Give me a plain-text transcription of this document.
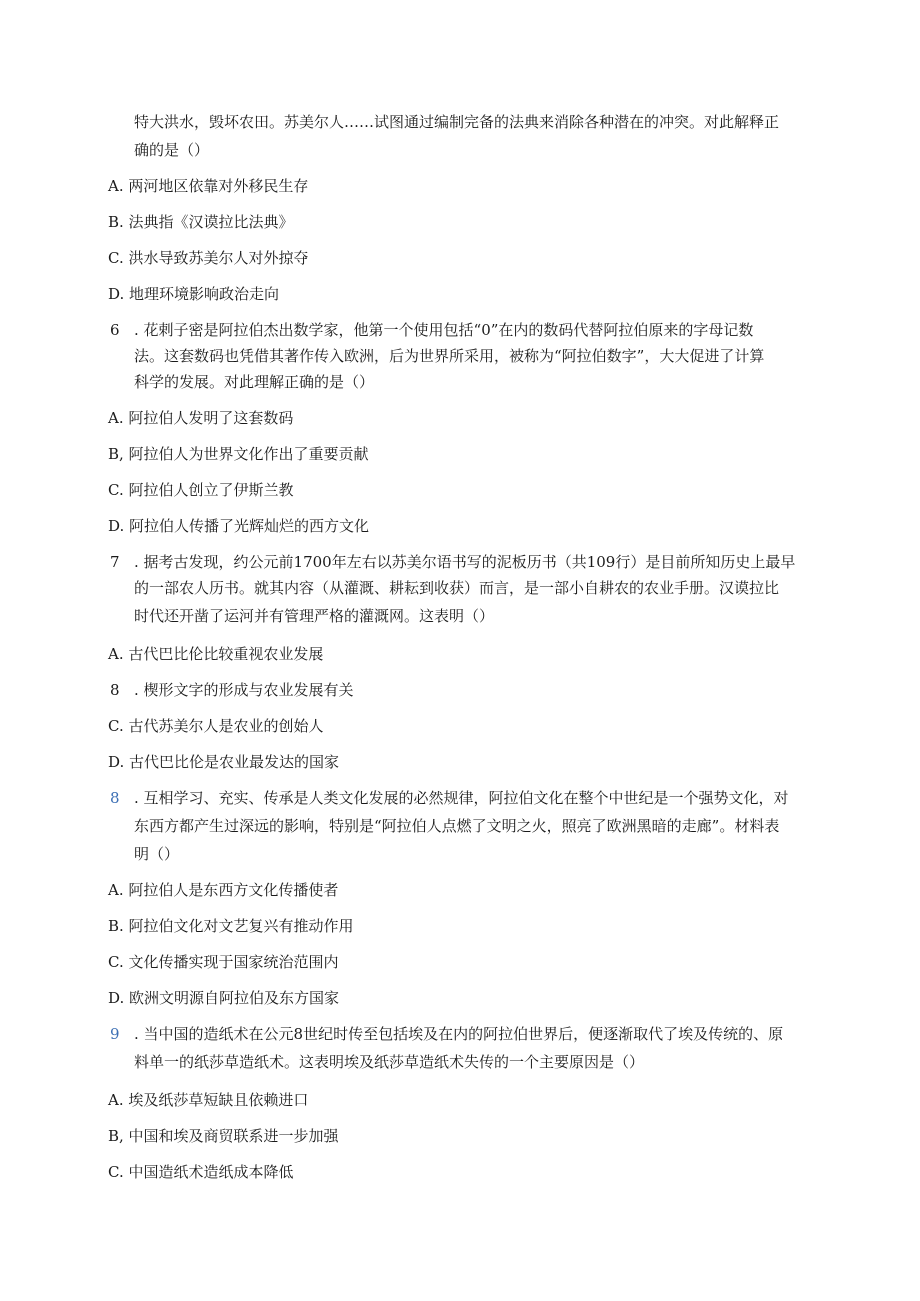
特大洪水，毁坏农田。苏美尔人……试图通过编制完备的法典来消除各种潜在的冲突。对此解释正
确的是（）
A. 两河地区依靠对外移民生存
B. 法典指《汉谟拉比法典》
C. 洪水导致苏美尔人对外掠夺
D. 地理环境影响政治走向
6 . 花剌子密是阿拉伯杰出数学家，他第一个使用包括“0”在内的数码代替阿拉伯原来的字母记数
法。这套数码也凭借其著作传入欧洲，后为世界所采用，被称为“阿拉伯数字”，大大促进了计算
科学的发展。对此理解正确的是（）
A. 阿拉伯人发明了这套数码
B, 阿拉伯人为世界文化作出了重要贡献
C. 阿拉伯人创立了伊斯兰教
D. 阿拉伯人传播了光辉灿烂的西方文化
7 . 据考古发现，约公元前1700年左右以苏美尔语书写的泥板历书（共109行）是目前所知历史上最早
的一部农人历书。就其内容（从灌溉、耕耘到收获）而言，是一部小自耕农的农业手册。汉谟拉比
时代还开凿了运河并有管理严格的灌溉网。这表明（）
A. 古代巴比伦比较重视农业发展
8 . 楔形文字的形成与农业发展有关
C. 古代苏美尔人是农业的创始人
D. 古代巴比伦是农业最发达的国家
8 . 互相学习、充实、传承是人类文化发展的必然规律，阿拉伯文化在整个中世纪是一个强势文化，对
东西方都产生过深远的影响，特别是“阿拉伯人点燃了文明之火，照亮了欧洲黑暗的走廊”。材料表
明（）
A. 阿拉伯人是东西方文化传播使者
B. 阿拉伯文化对文艺复兴有推动作用
C. 文化传播实现于国家统治范围内
D. 欧洲文明源自阿拉伯及东方国家
9 . 当中国的造纸术在公元8世纪时传至包括埃及在内的阿拉伯世界后，便逐渐取代了埃及传统的、原
料单一的纸莎草造纸术。这表明埃及纸莎草造纸术失传的一个主要原因是（）
A. 埃及纸莎草短缺且依赖进口
B, 中国和埃及商贸联系进一步加强
C. 中国造纸术造纸成本降低
